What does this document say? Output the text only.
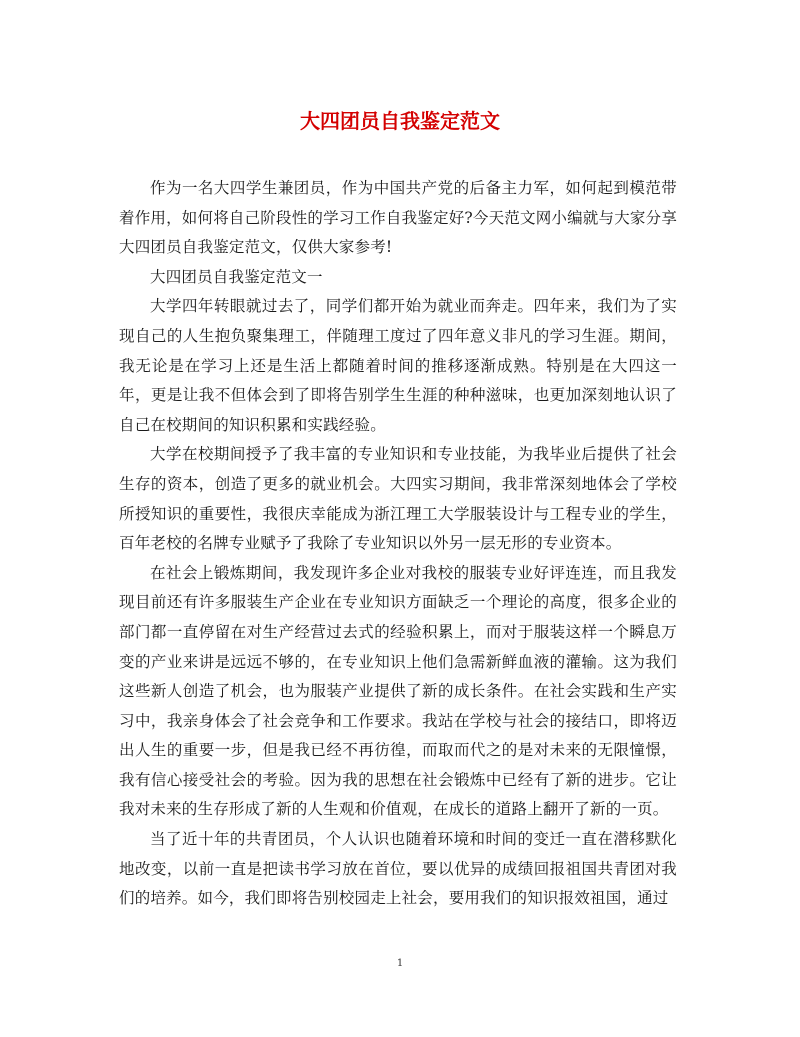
大四团员自我鉴定范文

作为一名大四学生兼团员，作为中国共产党的后备主力军，如何起到模范带着作用，如何将自己阶段性的学习工作自我鉴定好?今天范文网小编就与大家分享大四团员自我鉴定范文，仅供大家参考!

大四团员自我鉴定范文一

大学四年转眼就过去了，同学们都开始为就业而奔走。四年来，我们为了实现自己的人生抱负聚集理工，伴随理工度过了四年意义非凡的学习生涯。期间，我无论是在学习上还是生活上都随着时间的推移逐渐成熟。特别是在大四这一年，更是让我不但体会到了即将告别学生生涯的种种滋味，也更加深刻地认识了自己在校期间的知识积累和实践经验。

大学在校期间授予了我丰富的专业知识和专业技能，为我毕业后提供了社会生存的资本，创造了更多的就业机会。大四实习期间，我非常深刻地体会了学校所授知识的重要性，我很庆幸能成为浙江理工大学服装设计与工程专业的学生，百年老校的名牌专业赋予了我除了专业知识以外另一层无形的专业资本。

在社会上锻炼期间，我发现许多企业对我校的服装专业好评连连，而且我发现目前还有许多服装生产企业在专业知识方面缺乏一个理论的高度，很多企业的部门都一直停留在对生产经营过去式的经验积累上，而对于服装这样一个瞬息万变的产业来讲是远远不够的，在专业知识上他们急需新鲜血液的灌输。这为我们这些新人创造了机会，也为服装产业提供了新的成长条件。在社会实践和生产实习中，我亲身体会了社会竞争和工作要求。我站在学校与社会的接结口，即将迈出人生的重要一步，但是我已经不再彷徨，而取而代之的是对未来的无限憧憬，我有信心接受社会的考验。因为我的思想在社会锻炼中已经有了新的进步。它让我对未来的生存形成了新的人生观和价值观，在成长的道路上翻开了新的一页。

当了近十年的共青团员，个人认识也随着环境和时间的变迁一直在潜移默化地改变，以前一直是把读书学习放在首位，要以优异的成绩回报祖国共青团对我们的培养。如今，我们即将告别校园走上社会，要用我们的知识报效祖国，通过

1
